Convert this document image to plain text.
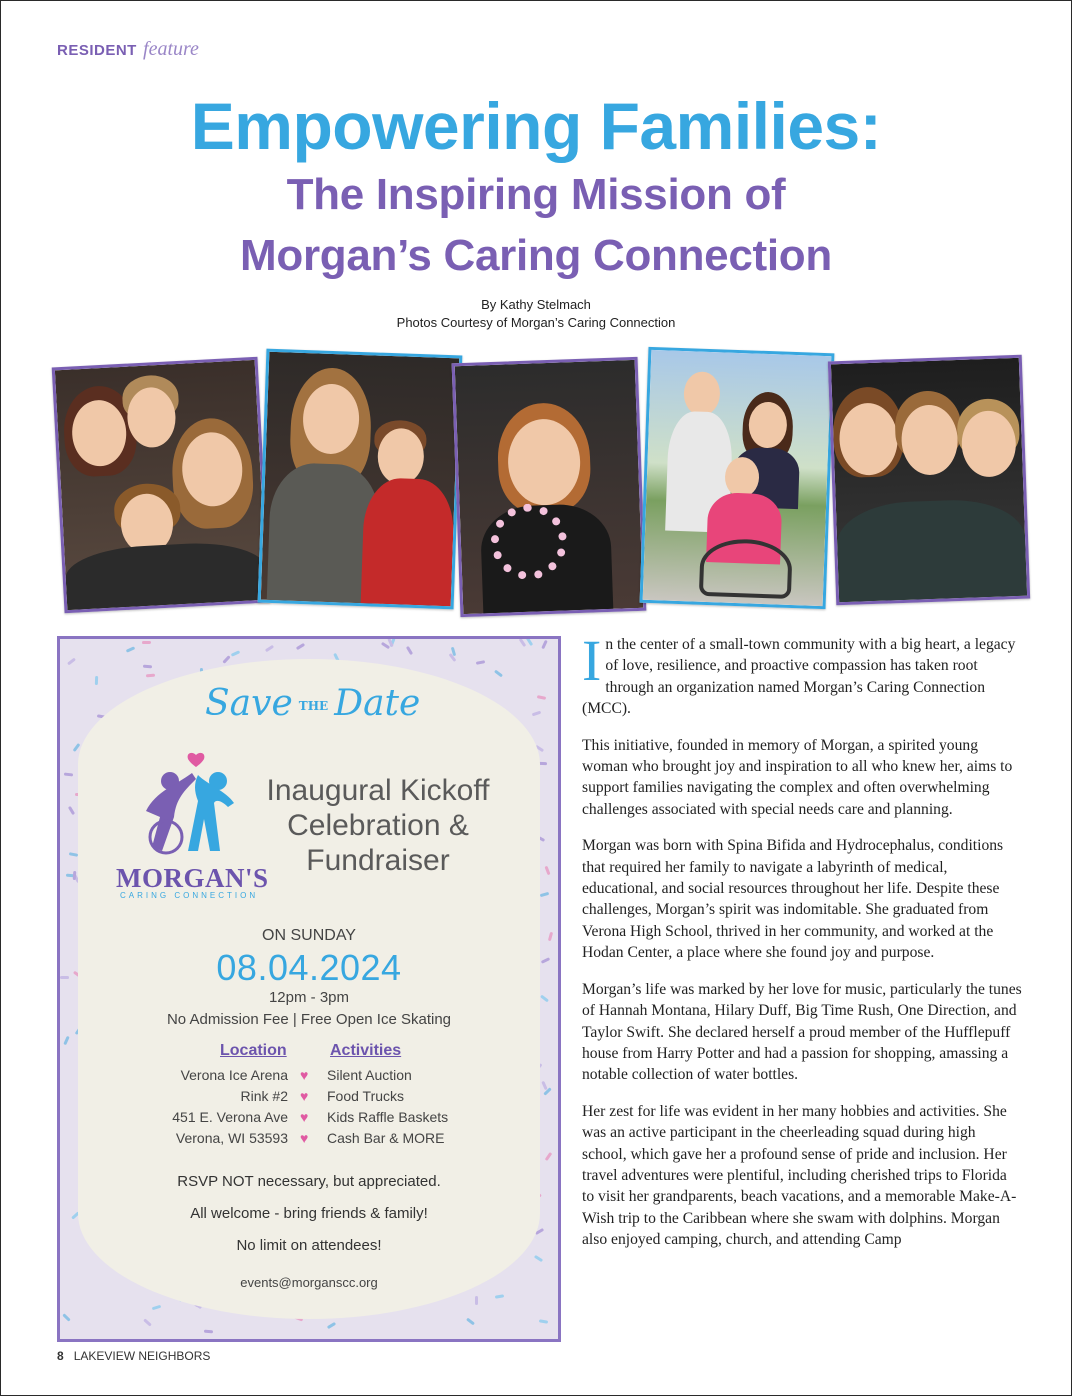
RESIDENT feature
Empowering Families:
The Inspiring Mission of
Morgan’s Caring Connection
By Kathy Stelmach
Photos Courtesy of Morgan’s Caring Connection
Save THE Date
Inaugural Kickoff
Celebration &
Fundraiser
MORGAN'S
CARING CONNECTION
ON SUNDAY
08.04.2024
12pm - 3pm
No Admission Fee | Free Open Ice Skating
Location	Activities
Verona Ice Arena
Rink #2
451 E. Verona Ave
Verona, WI 53593
♥
♥
♥
♥
Silent Auction
Food Trucks
Kids Raffle Baskets
Cash Bar & MORE
RSVP NOT necessary, but appreciated.
All welcome - bring friends & family!
No limit on attendees!
events@morganscc.org

In the center of a small-town community with a big heart, a legacy of love, resilience, and proactive compassion has taken root through an organization named Morgan’s Caring Connection (MCC).

This initiative, founded in memory of Morgan, a spirited young woman who brought joy and inspiration to all who knew her, aims to support families navigating the complex and often overwhelming challenges associated with special needs care and planning.

Morgan was born with Spina Bifida and Hydrocephalus, conditions that required her family to navigate a labyrinth of medical, educational, and social resources throughout her life. Despite these challenges, Morgan’s spirit was indomitable. She graduated from Verona High School, thrived in her community, and worked at the Hodan Center, a place where she found joy and purpose.

Morgan’s life was marked by her love for music, particularly the tunes of Hannah Montana, Hilary Duff, Big Time Rush, One Direction, and Taylor Swift. She declared herself a proud member of the Hufflepuff house from Harry Potter and had a passion for shopping, amassing a notable collection of water bottles.

Her zest for life was evident in her many hobbies and activities. She was an active participant in the cheerleading squad during high school, which gave her a profound sense of pride and inclusion. Her travel adventures were plentiful, including cherished trips to Florida to visit her grandparents, beach vacations, and a memorable Make-A-Wish trip to the Caribbean where she swam with dolphins. Morgan also enjoyed camping, church, and attending Camp

8 LAKEVIEW NEIGHBORS
